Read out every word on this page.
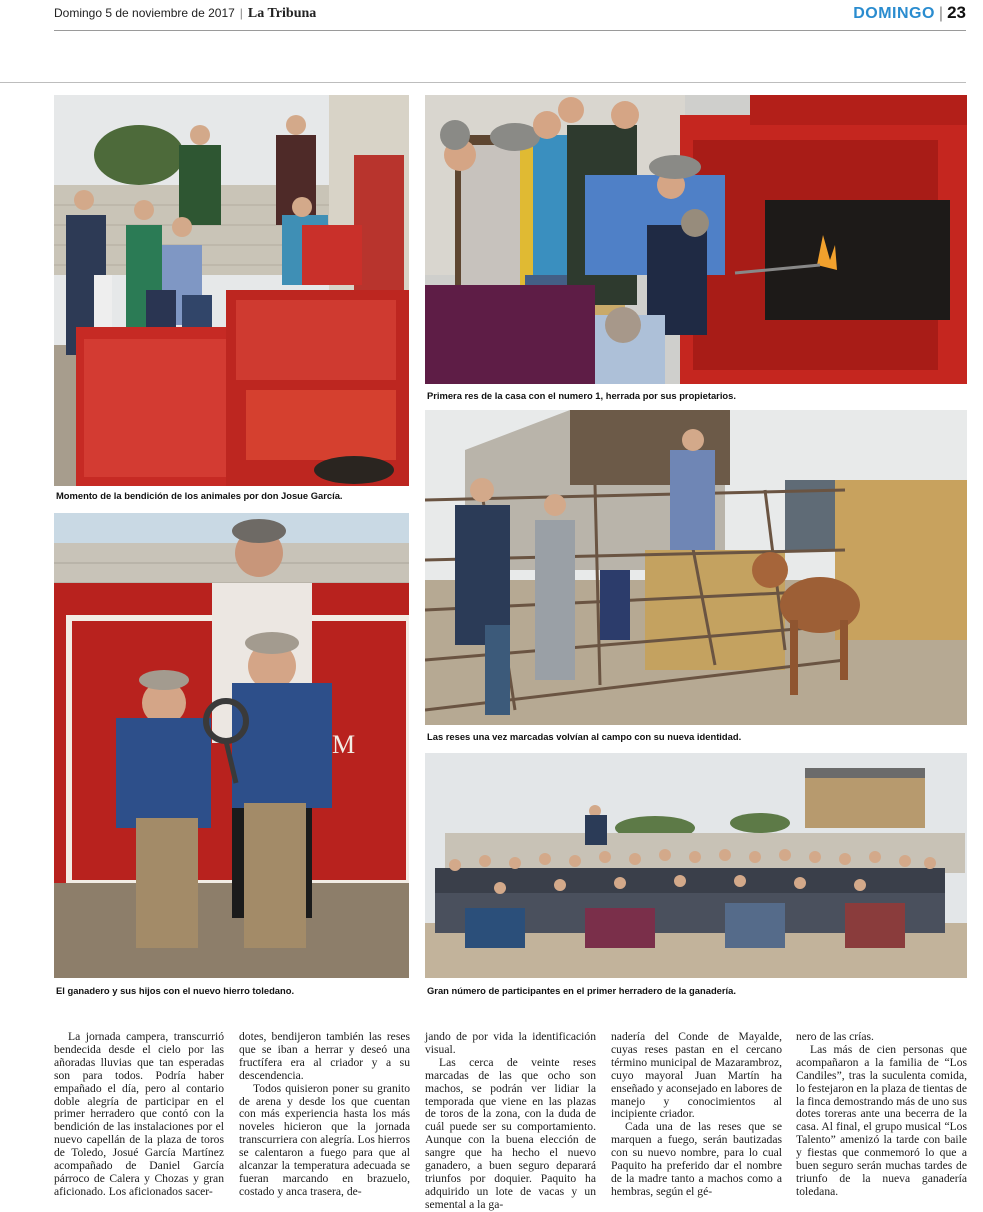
Domingo 5 de noviembre de 2017 | La Tribuna	DOMINGO | 23
Momento de la bendición de los animales por don Josue García.
Primera res de la casa con el numero 1, herrada por sus propietarios.
Las reses una vez marcadas volvían al campo con su nueva identidad.
M
El ganadero y sus hijos con el nuevo hierro toledano.	Gran número de participantes en el primer herradero de la ganadería.

La jornada campera, transcurrió bendecida desde el cielo por las añoradas lluvias que tan esperadas son para todos. Podría haber empañado el día, pero al contario doble alegría de participar en el primer herradero que contó con la bendición de las instalaciones por el nuevo capellán de la plaza de toros de Toledo, Josué García Martínez acompañado de Daniel García párroco de Calera y Chozas y gran aficionado. Los aficionados sacer-

dotes, bendijeron también las reses que se iban a herrar y deseó una fructífera era al criador y a su descendencia.

Todos quisieron poner su granito de arena y desde los que cuentan con más experiencia hasta los más noveles hicieron que la jornada transcurriera con alegría. Los hierros se calentaron a fuego para que al alcanzar la temperatura adecuada se fueran marcando en brazuelo, costado y anca trasera, de-

jando de por vida la identificación visual.

Las cerca de veinte reses marcadas de las que ocho son machos, se podrán ver lidiar la temporada que viene en las plazas de toros de la zona, con la duda de cuál puede ser su comportamiento. Aunque con la buena elección de sangre que ha hecho el nuevo ganadero, a buen seguro deparará triunfos por doquier. Paquito ha adquirido un lote de vacas y un semental a la ga-

nadería del Conde de Mayalde, cuyas reses pastan en el cercano término municipal de Mazarambroz, cuyo mayoral Juan Martín ha enseñado y aconsejado en labores de manejo y conocimientos al incipiente criador.

Cada una de las reses que se marquen a fuego, serán bautizadas con su nuevo nombre, para lo cual Paquito ha preferido dar el nombre de la madre tanto a machos como a hembras, según el gé-

nero de las crías.

Las más de cien personas que acompañaron a la familia de “Los Candiles”, tras la suculenta comida, lo festejaron en la plaza de tientas de la finca demostrando más de uno sus dotes toreras ante una becerra de la casa. Al final, el grupo musical “Los Talento” amenizó la tarde con baile y fiestas que conmemoró lo que a buen seguro serán muchas tardes de triunfo de la nueva ganadería toledana.
